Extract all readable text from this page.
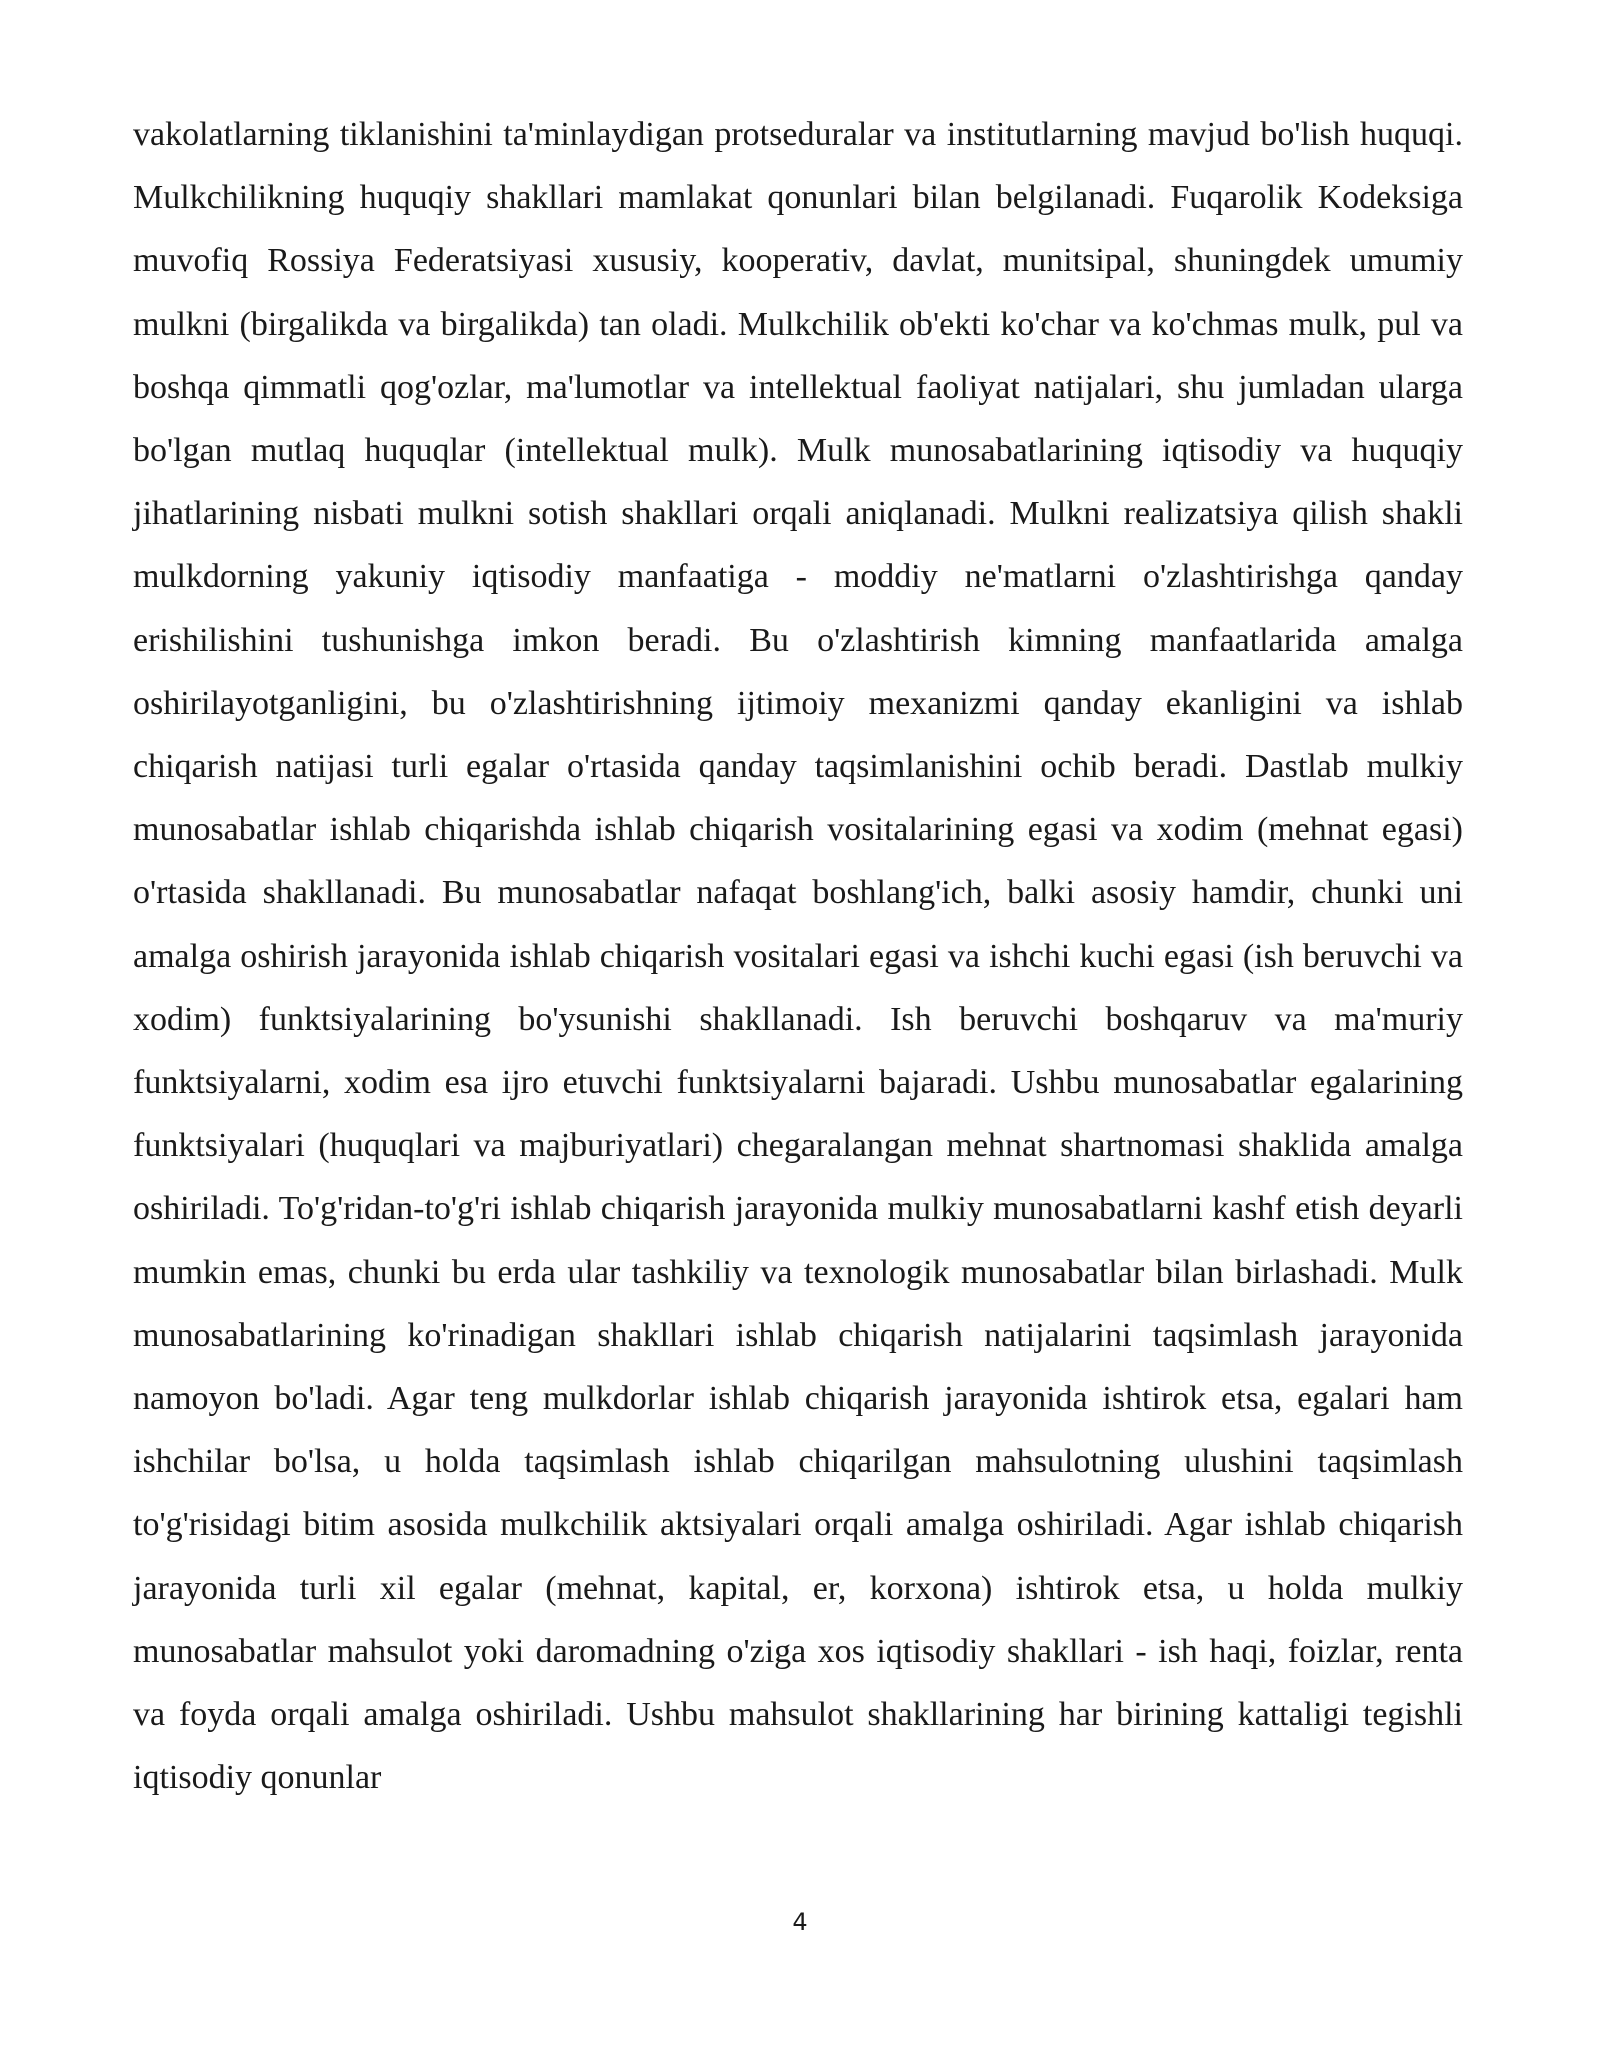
vakolatlarning tiklanishini ta'minlaydigan protseduralar va institutlarning mavjud bo'lish huquqi. Mulkchilikning huquqiy shakllari mamlakat qonunlari bilan belgilanadi. Fuqarolik Kodeksiga muvofiq Rossiya Federatsiyasi xususiy, kooperativ, davlat, munitsipal, shuningdek umumiy mulkni (birgalikda va birgalikda) tan oladi. Mulkchilik ob'ekti ko'char va ko'chmas mulk, pul va boshqa qimmatli qog'ozlar, ma'lumotlar va intellektual faoliyat natijalari, shu jumladan ularga bo'lgan mutlaq huquqlar (intellektual mulk). Mulk munosabatlarining iqtisodiy va huquqiy jihatlarining nisbati mulkni sotish shakllari orqali aniqlanadi. Mulkni realizatsiya qilish shakli mulkdorning yakuniy iqtisodiy manfaatiga - moddiy ne'matlarni o'zlashtirishga qanday erishilishini tushunishga imkon beradi. Bu o'zlashtirish kimning manfaatlarida amalga oshirilayotganligini, bu o'zlashtirishning ijtimoiy mexanizmi qanday ekanligini va ishlab chiqarish natijasi turli egalar o'rtasida qanday taqsimlanishini ochib beradi. Dastlab mulkiy munosabatlar ishlab chiqarishda ishlab chiqarish vositalarining egasi va xodim (mehnat egasi) o'rtasida shakllanadi. Bu munosabatlar nafaqat boshlang'ich, balki asosiy hamdir, chunki uni amalga oshirish jarayonida ishlab chiqarish vositalari egasi va ishchi kuchi egasi (ish beruvchi va xodim) funktsiyalarining bo'ysunishi shakllanadi. Ish beruvchi boshqaruv va ma'muriy funktsiyalarni, xodim esa ijro etuvchi funktsiyalarni bajaradi. Ushbu munosabatlar egalarining funktsiyalari (huquqlari va majburiyatlari) chegaralangan mehnat shartnomasi shaklida amalga oshiriladi. To'g'ridan-to'g'ri ishlab chiqarish jarayonida mulkiy munosabatlarni kashf etish deyarli mumkin emas, chunki bu erda ular tashkiliy va texnologik munosabatlar bilan birlashadi. Mulk munosabatlarining ko'rinadigan shakllari ishlab chiqarish natijalarini taqsimlash jarayonida namoyon bo'ladi. Agar teng mulkdorlar ishlab chiqarish jarayonida ishtirok etsa, egalari ham ishchilar bo'lsa, u holda taqsimlash ishlab chiqarilgan mahsulotning ulushini taqsimlash to'g'risidagi bitim asosida mulkchilik aktsiyalari orqali amalga oshiriladi. Agar ishlab chiqarish jarayonida turli xil egalar (mehnat, kapital, er, korxona) ishtirok etsa, u holda mulkiy munosabatlar mahsulot yoki daromadning o'ziga xos iqtisodiy shakllari - ish haqi, foizlar, renta va foyda orqali amalga oshiriladi. Ushbu mahsulot shakllarining har birining kattaligi tegishli iqtisodiy qonunlar

4
